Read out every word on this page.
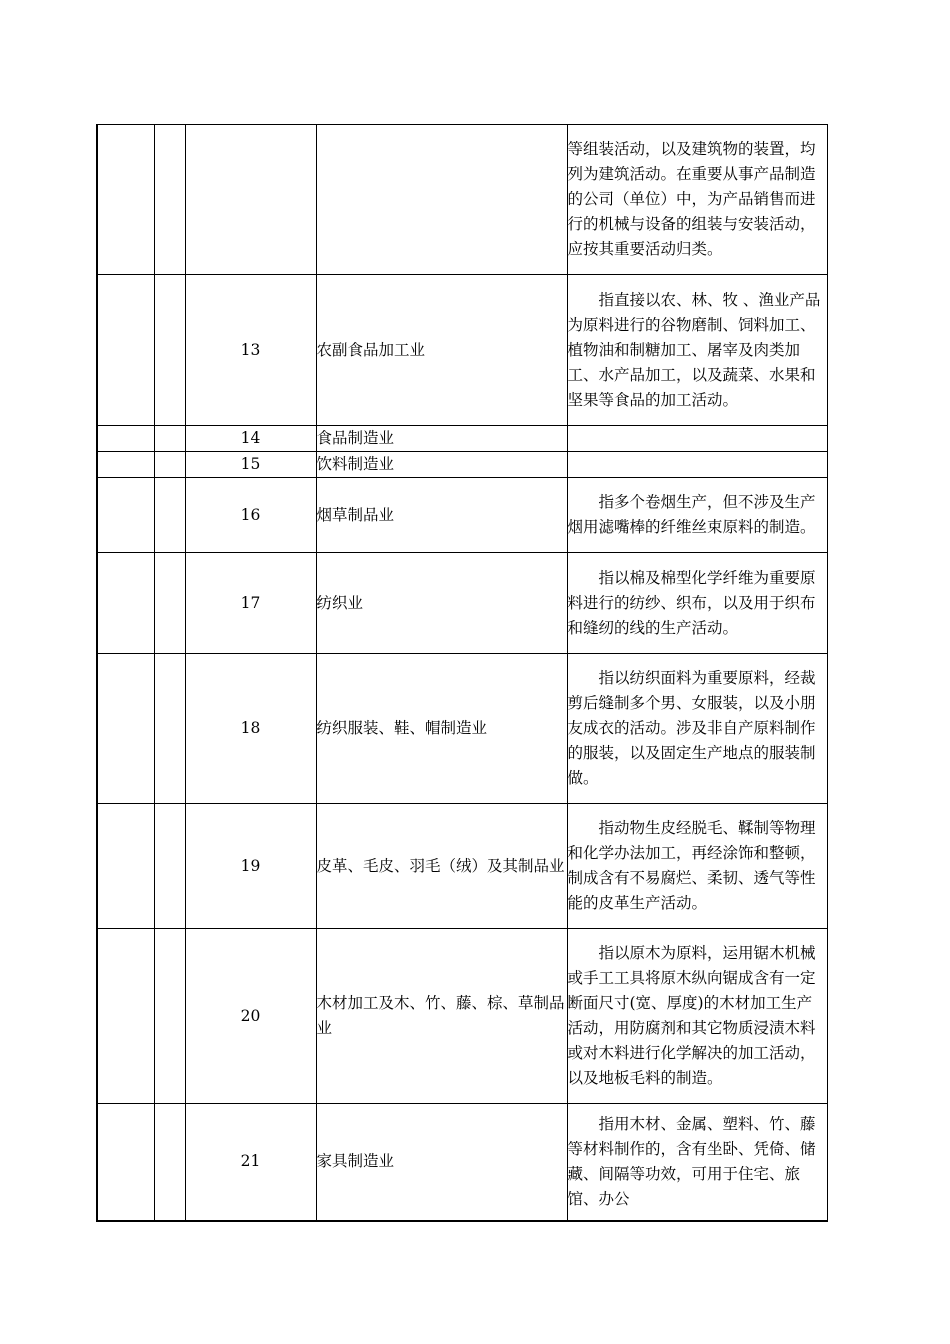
				等组装活动，以及建筑物的装置，均列为建筑活动。在重要从事产品制造的公司（单位）中，为产品销售而进行的机械与设备的组装与安装活动，应按其重要活动归类。
		13	农副食品加工业	指直接以农、林、牧 、渔业产品为原料进行的谷物磨制、饲料加工、植物油和制糖加工、屠宰及肉类加工、水产品加工，以及蔬菜、水果和坚果等食品的加工活动。
		14	食品制造业	
		15	饮料制造业	
		16	烟草制品业	指多个卷烟生产，但不涉及生产烟用滤嘴棒的纤维丝束原料的制造。
		17	纺织业	指以棉及棉型化学纤维为重要原料进行的纺纱、织布，以及用于织布和缝纫的线的生产活动。
		18	纺织服装、鞋、帽制造业	指以纺织面料为重要原料，经裁剪后缝制多个男、女服装，以及小朋友成衣的活动。涉及非自产原料制作的服装，以及固定生产地点的服装制做。
		19	皮革、毛皮、羽毛（绒）及其制品业	指动物生皮经脱毛、鞣制等物理和化学办法加工，再经涂饰和整顿，制成含有不易腐烂、柔韧、透气等性能的皮革生产活动。
		20	木材加工及木、竹、藤、棕、草制品业	指以原木为原料，运用锯木机械或手工工具将原木纵向锯成含有一定断面尺寸(宽、厚度)的木材加工生产活动，用防腐剂和其它物质浸渍木料或对木料进行化学解决的加工活动，以及地板毛料的制造。
		21	家具制造业	指用木材、金属、塑料、竹、藤等材料制作的，含有坐卧、凭倚、储藏、间隔等功效，可用于住宅、旅馆、办公
